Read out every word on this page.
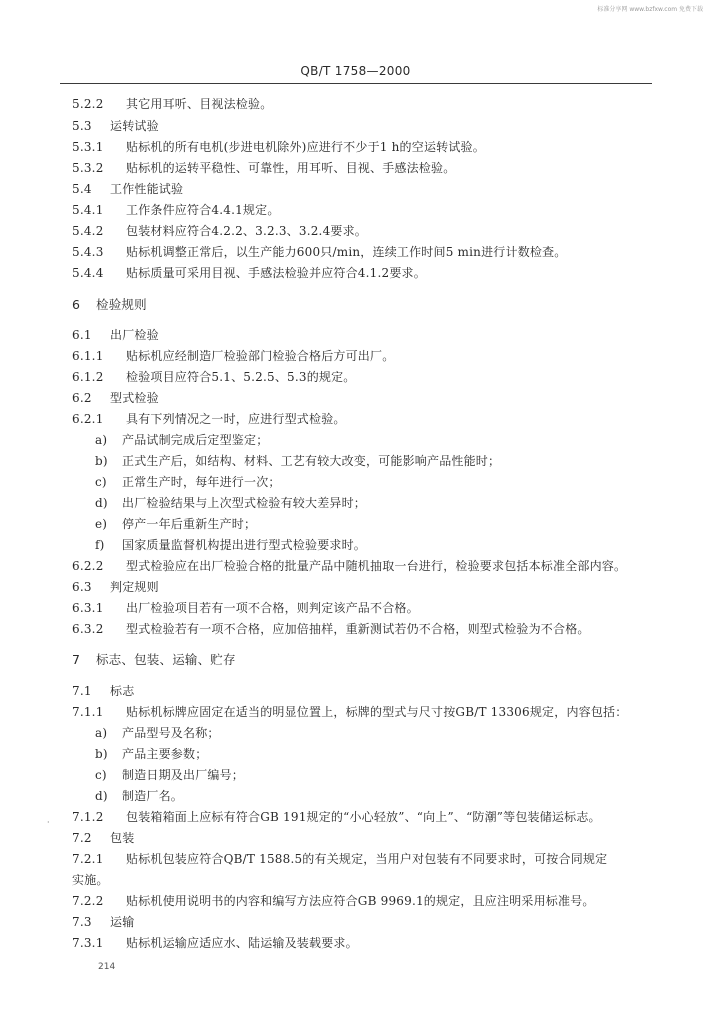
标准分享网 www.bzfxw.com 免费下载
QB/T 1758—2000
5.2.2 其它用耳听、目视法检验。
5.3 运转试验
5.3.1 贴标机的所有电机(步进电机除外)应进行不少于1 h的空运转试验。
5.3.2 贴标机的运转平稳性、可靠性，用耳听、目视、手感法检验。
5.4 工作性能试验
5.4.1 工作条件应符合4.4.1规定。
5.4.2 包装材料应符合4.2.2、3.2.3、3.2.4要求。
5.4.3 贴标机调整正常后，以生产能力600只/min，连续工作时间5 min进行计数检查。
5.4.4 贴标质量可采用目视、手感法检验并应符合4.1.2要求。
6 检验规则
6.1 出厂检验
6.1.1 贴标机应经制造厂检验部门检验合格后方可出厂。
6.1.2 检验项目应符合5.1、5.2.5、5.3的规定。
6.2 型式检验
6.2.1 具有下列情况之一时，应进行型式检验。
a) 产品试制完成后定型鉴定；
b) 正式生产后，如结构、材料、工艺有较大改变，可能影响产品性能时；
c) 正常生产时，每年进行一次；
d) 出厂检验结果与上次型式检验有较大差异时；
e) 停产一年后重新生产时；
f) 国家质量监督机构提出进行型式检验要求时。
6.2.2 型式检验应在出厂检验合格的批量产品中随机抽取一台进行，检验要求包括本标准全部内容。
6.3 判定规则
6.3.1 出厂检验项目若有一项不合格，则判定该产品不合格。
6.3.2 型式检验若有一项不合格，应加倍抽样，重新测试若仍不合格，则型式检验为不合格。
7 标志、包装、运输、贮存
7.1 标志
7.1.1 贴标机标牌应固定在适当的明显位置上，标牌的型式与尺寸按GB/T 13306规定，内容包括：
a) 产品型号及名称；
b) 产品主要参数；
c) 制造日期及出厂编号；
d) 制造厂名。
7.1.2 包装箱箱面上应标有符合GB 191规定的“小心轻放”、“向上”、“防潮”等包装储运标志。
7.2 包装
7.2.1 贴标机包装应符合QB/T 1588.5的有关规定，当用户对包装有不同要求时，可按合同规定
实施。
7.2.2 贴标机使用说明书的内容和编写方法应符合GB 9969.1的规定，且应注明采用标准号。
7.3 运输
7.3.1 贴标机运输应适应水、陆运输及装载要求。
·
214
